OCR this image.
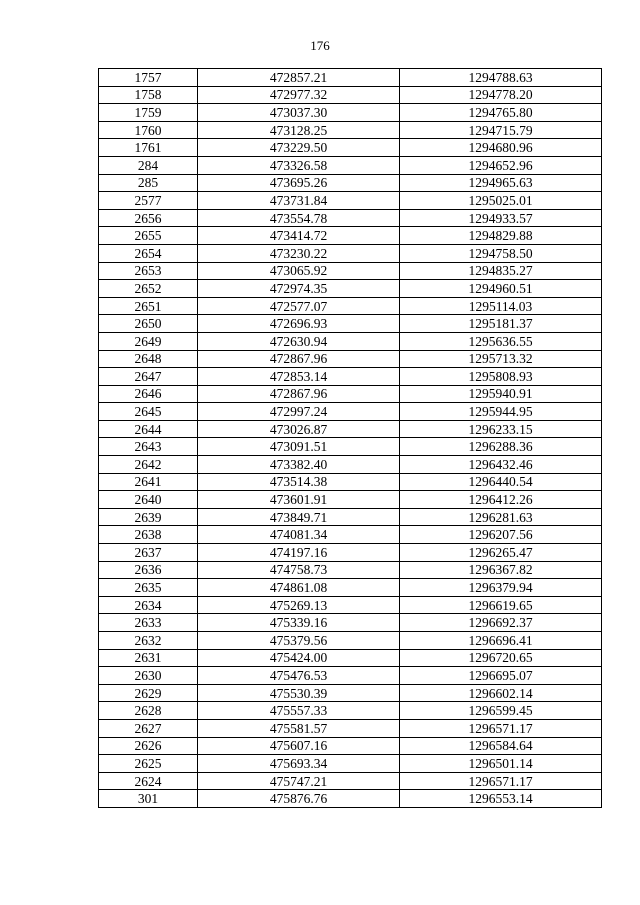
176
1757	472857.21	1294788.63
1758	472977.32	1294778.20
1759	473037.30	1294765.80
1760	473128.25	1294715.79
1761	473229.50	1294680.96
284	473326.58	1294652.96
285	473695.26	1294965.63
2577	473731.84	1295025.01
2656	473554.78	1294933.57
2655	473414.72	1294829.88
2654	473230.22	1294758.50
2653	473065.92	1294835.27
2652	472974.35	1294960.51
2651	472577.07	1295114.03
2650	472696.93	1295181.37
2649	472630.94	1295636.55
2648	472867.96	1295713.32
2647	472853.14	1295808.93
2646	472867.96	1295940.91
2645	472997.24	1295944.95
2644	473026.87	1296233.15
2643	473091.51	1296288.36
2642	473382.40	1296432.46
2641	473514.38	1296440.54
2640	473601.91	1296412.26
2639	473849.71	1296281.63
2638	474081.34	1296207.56
2637	474197.16	1296265.47
2636	474758.73	1296367.82
2635	474861.08	1296379.94
2634	475269.13	1296619.65
2633	475339.16	1296692.37
2632	475379.56	1296696.41
2631	475424.00	1296720.65
2630	475476.53	1296695.07
2629	475530.39	1296602.14
2628	475557.33	1296599.45
2627	475581.57	1296571.17
2626	475607.16	1296584.64
2625	475693.34	1296501.14
2624	475747.21	1296571.17
301	475876.76	1296553.14
